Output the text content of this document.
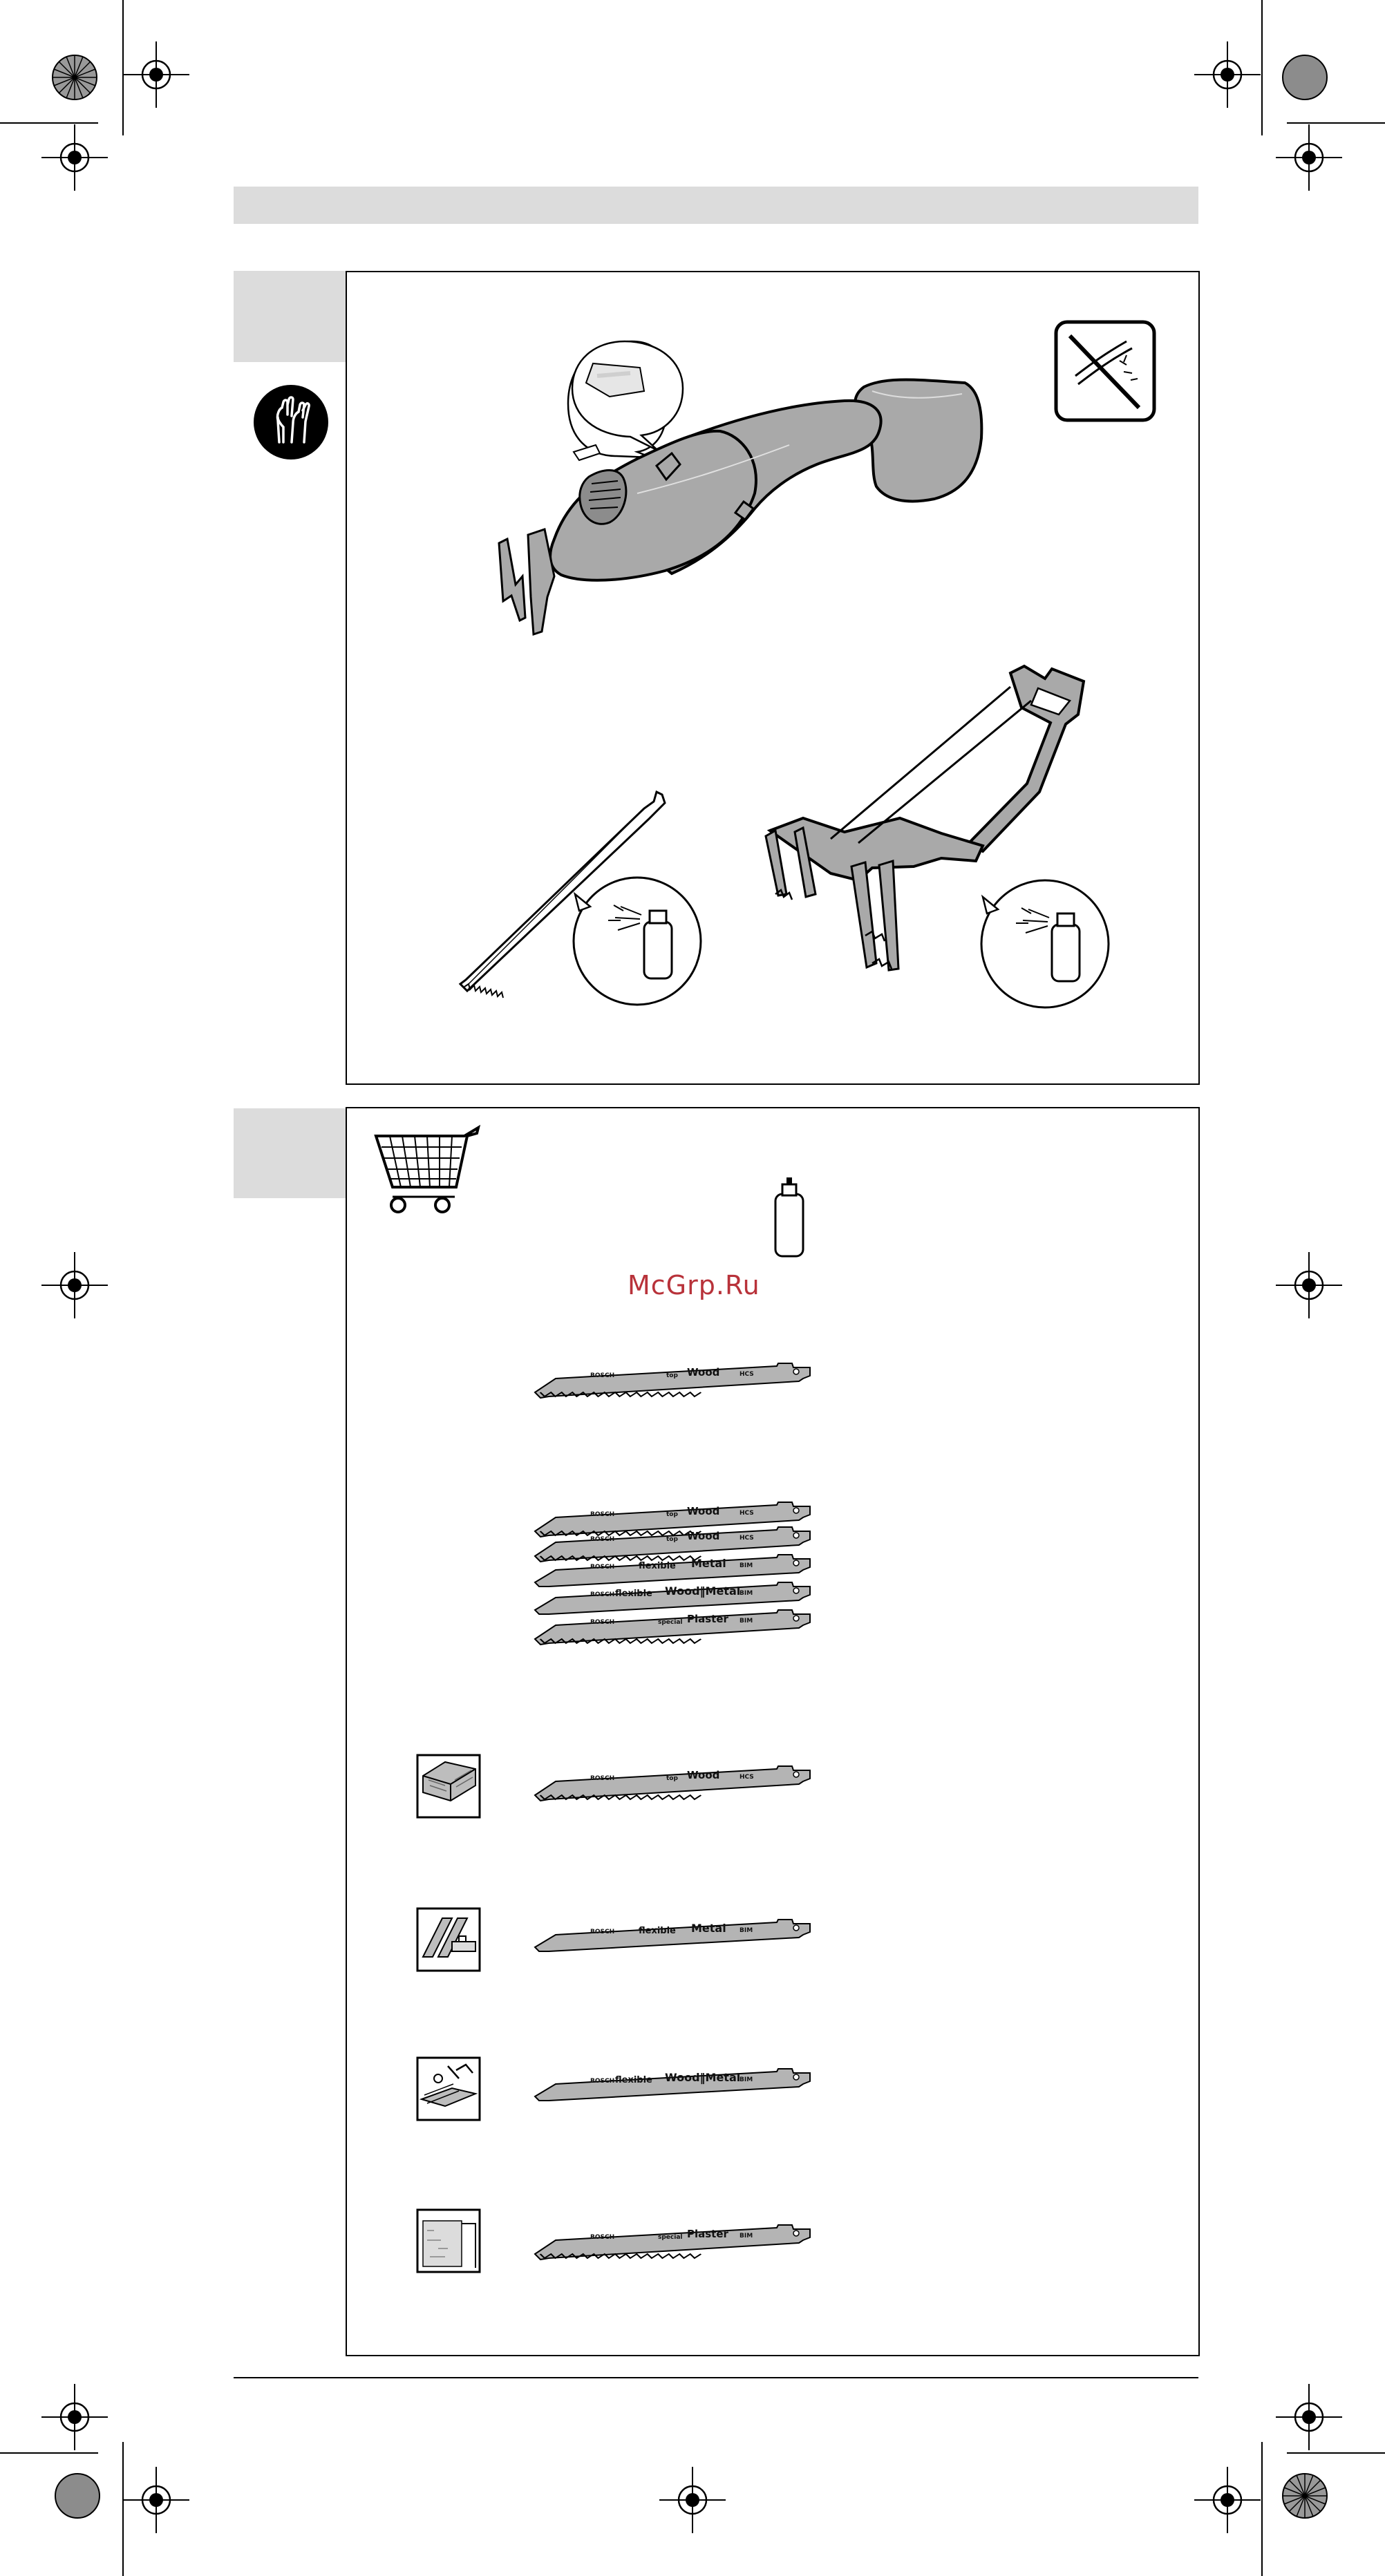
McGrp.Ru
BOSCH	top Wood	HCS
BOSCH	top Wood	HCS
BOSCH	top Wood	HCS
BOSCH	flexible Metal BIM
BOSCH flexible Wood‖Metal
BIM
BOSCH	special Plaster BIM
BOSCH	top Wood	HCS
BOSCH	flexible Metal BIM
BOSCH flexible Wood‖Metal
BIM
BOSCH	special Plaster BIM
